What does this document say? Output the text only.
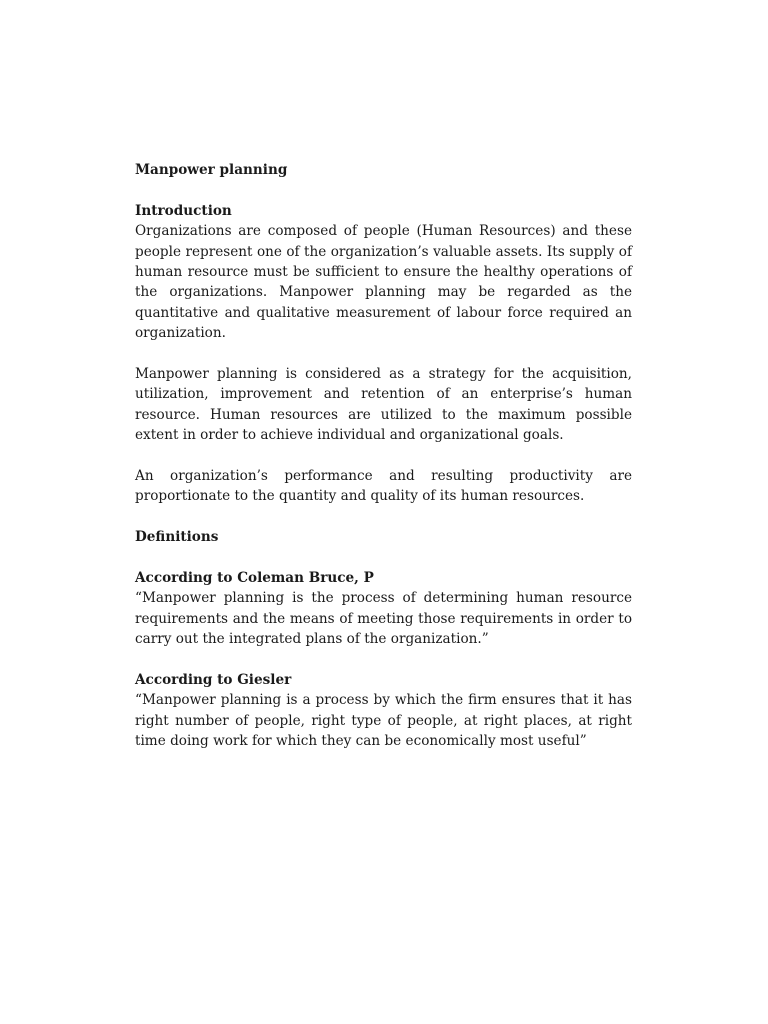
Manpower planning

Introduction

Organizations are composed of people (Human Resources) and these people represent one of the organization’s valuable assets. Its supply of human resource must be sufficient to ensure the healthy operations of the organizations. Manpower planning may be regarded as the quantitative and qualitative measurement of labour force required an organization.

Manpower planning is considered as a strategy for the acquisition, utilization, improvement and retention of an enterprise’s human resource. Human resources are utilized to the maximum possible extent in order to achieve individual and organizational goals.

An organization’s performance and resulting productivity are proportionate to the quantity and quality of its human resources.

Definitions

According to Coleman Bruce, P

“Manpower planning is the process of determining human resource requirements and the means of meeting those requirements in order to carry out the integrated plans of the organization.”

According to Giesler

“Manpower planning is a process by which the firm ensures that it has right number of people, right type of people, at right places, at right time doing work for which they can be economically most useful”
